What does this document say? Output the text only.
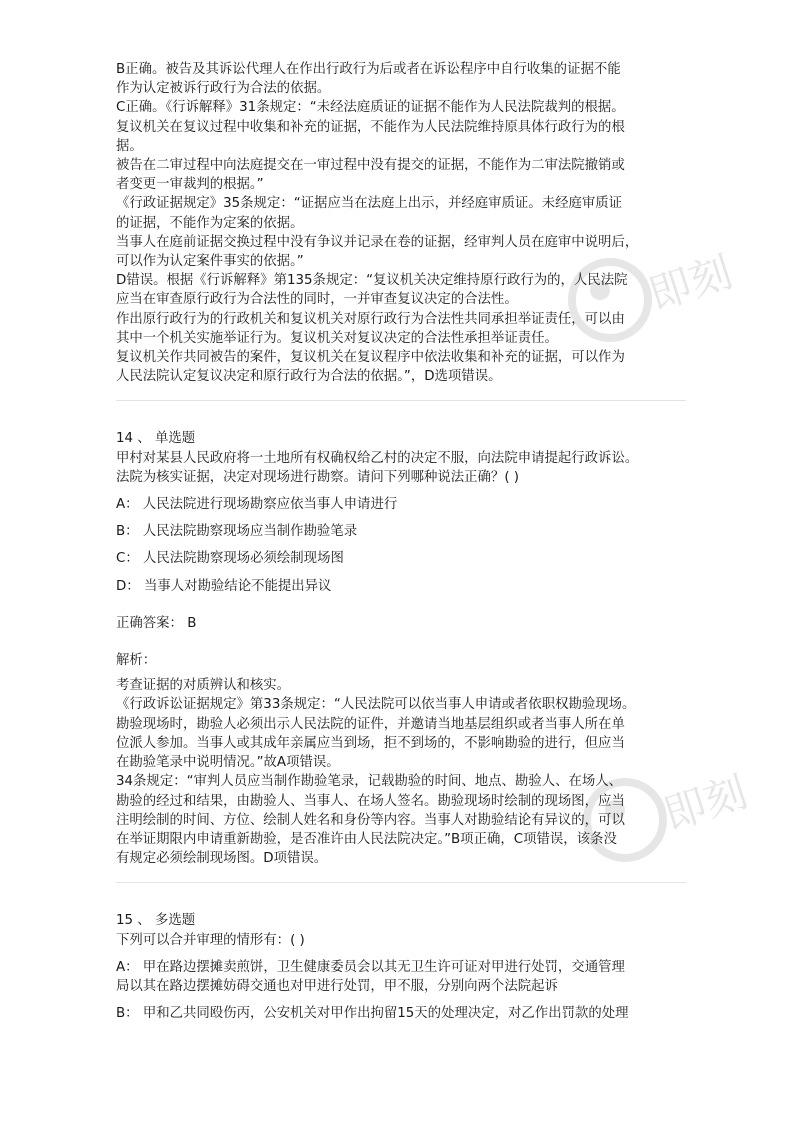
即刻
即刻
B正确。被告及其诉讼代理人在作出行政行为后或者在诉讼程序中自行收集的证据不能
作为认定被诉行政行为合法的依据。
C正确。《行诉解释》31条规定：“未经法庭质证的证据不能作为人民法院裁判的根据。
复议机关在复议过程中收集和补充的证据，不能作为人民法院维持原具体行政行为的根
据。
被告在二审过程中向法庭提交在一审过程中没有提交的证据，不能作为二审法院撤销或
者变更一审裁判的根据。”
《行政证据规定》35条规定：“证据应当在法庭上出示，并经庭审质证。未经庭审质证
的证据，不能作为定案的依据。
当事人在庭前证据交换过程中没有争议并记录在卷的证据，经审判人员在庭审中说明后，
可以作为认定案件事实的依据。”
D错误。根据《行诉解释》第135条规定：“复议机关决定维持原行政行为的，人民法院
应当在审查原行政行为合法性的同时，一并审查复议决定的合法性。
作出原行政行为的行政机关和复议机关对原行政行为合法性共同承担举证责任，可以由
其中一个机关实施举证行为。复议机关对复议决定的合法性承担举证责任。
复议机关作共同被告的案件，复议机关在复议程序中依法收集和补充的证据，可以作为
人民法院认定复议决定和原行政行为合法的依据。”，D选项错误。
14 、 单选题
甲村对某县人民政府将一土地所有权确权给乙村的决定不服，向法院申请提起行政诉讼。
法院为核实证据，决定对现场进行勘察。请问下列哪种说法正确？( )
A： 人民法院进行现场勘察应依当事人申请进行
B： 人民法院勘察现场应当制作勘验笔录
C： 人民法院勘察现场必须绘制现场图
D： 当事人对勘验结论不能提出异议
正确答案： B
解析：
考查证据的对质辨认和核实。
《行政诉讼证据规定》第33条规定：“人民法院可以依当事人申请或者依职权勘验现场。
勘验现场时，勘验人必须出示人民法院的证件，并邀请当地基层组织或者当事人所在单
位派人参加。当事人或其成年亲属应当到场，拒不到场的，不影响勘验的进行，但应当
在勘验笔录中说明情况。”故A项错误。
34条规定：“审判人员应当制作勘验笔录，记载勘验的时间、地点、勘验人、在场人、
勘验的经过和结果，由勘验人、当事人、在场人签名。勘验现场时绘制的现场图，应当
注明绘制的时间、方位、绘制人姓名和身份等内容。当事人对勘验结论有异议的，可以
在举证期限内申请重新勘验，是否准许由人民法院决定。”B项正确，C项错误，该条没
有规定必须绘制现场图。D项错误。
15 、 多选题
下列可以合并审理的情形有：( )
A： 甲在路边摆摊卖煎饼，卫生健康委员会以其无卫生许可证对甲进行处罚，交通管理
局以其在路边摆摊妨碍交通也对甲进行处罚，甲不服，分别向两个法院起诉
B： 甲和乙共同殴伤丙，公安机关对甲作出拘留15天的处理决定，对乙作出罚款的处理
